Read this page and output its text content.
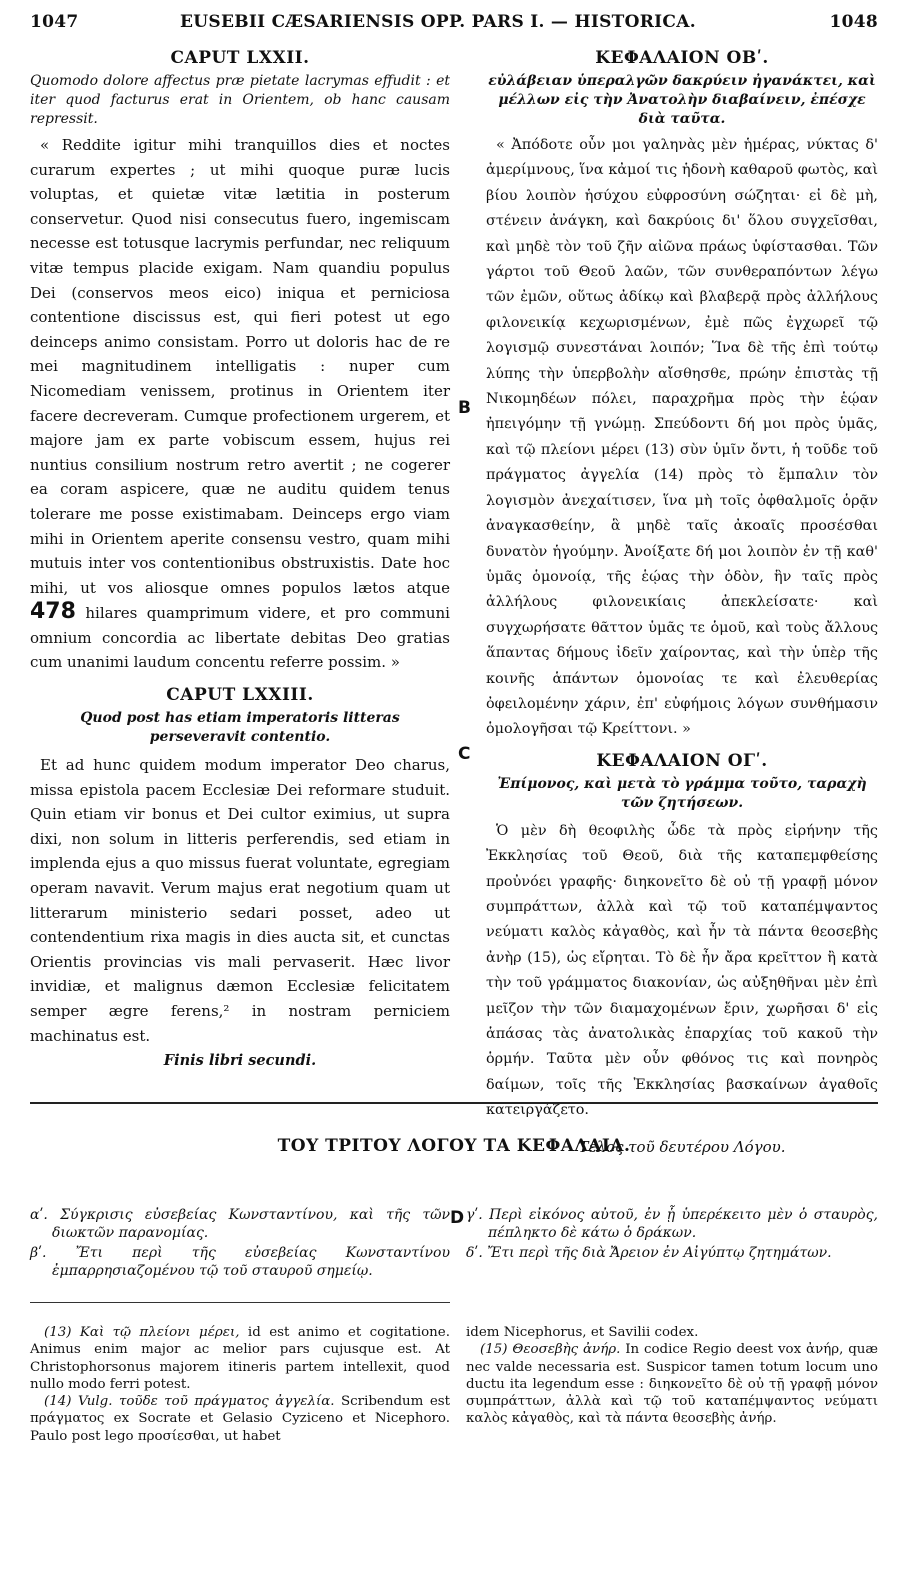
1047	EUSEBII CÆSARIENSIS OPP. PARS I. — HISTORICA.	1048
CAPUT LXXII.
Quomodo dolore affectus præ pietate lacrymas effudit : et iter quod facturus erat in Orientem, ob hanc causam repressit.

« Reddite igitur mihi tranquillos dies et noctes curarum expertes ; ut mihi quoque puræ lucis voluptas, et quietæ vitæ lætitia in posterum conservetur. Quod nisi consecutus fuero, ingemiscam necesse est totusque lacrymis perfundar, nec reliquum vitæ tempus placide exigam. Nam quandiu populus Dei (conservos meos eico) iniqua et perniciosa contentione discissus est, qui fieri potest ut ego deinceps animo consistam. Porro ut doloris hac de re mei magnitudinem intelligatis : nuper cum Nicomediam venissem, protinus in Orientem iter facere decreveram. Cumque profectionem urgerem, et majore jam ex parte vobiscum essem, hujus rei nuntius consilium nostrum retro avertit ; ne cogerer ea coram aspicere, quæ ne auditu quidem tenus tolerare me posse existimabam. Deinceps ergo viam mihi in Orientem aperite consensu vestro, quam mihi mutuis inter vos contentionibus obstruxistis. Date hoc mihi, ut vos aliosque omnes populos lætos atque 478 hilares quamprimum videre, et pro communi omnium concordia ac libertate debitas Deo gratias cum unanimi laudum concentu referre possim. »

CAPUT LXXIII.
Quod post has etiam imperatoris litteras perseveravit contentio.

Et ad hunc quidem modum imperator Deo charus, missa epistola pacem Ecclesiæ Dei reformare studuit. Quin etiam vir bonus et Dei cultor eximius, ut supra dixi, non solum in litteris perferendis, sed etiam in implenda ejus a quo missus fuerat voluntate, egregiam operam navavit. Verum majus erat negotium quam ut litterarum ministerio sedari posset, adeo ut contendentium rixa magis in dies aucta sit, et cunctas Orientis provincias vis mali pervaserit. Hæc livor invidiæ, et malignus dæmon Ecclesiæ felicitatem semper ægre ferens,² in nostram perniciem machinatus est.

Finis libri secundi.
B
C
D
ΚΕΦΑΛΑΙΟΝ ΟΒʹ.
εὐλάβειαν ὑπεραλγῶν δακρύειν ἠγανάκτει, καὶ μέλλων εἰς τὴν Ἀνατολὴν διαβαίνειν, ἐπέσχε διὰ ταῦτα.

« Ἀπόδοτε οὖν μοι γαληνὰς μὲν ἡμέρας, νύκτας δ' ἀμερίμνους, ἵνα κἀμοί τις ἡδονὴ καθαροῦ φωτὸς, καὶ βίου λοιπὸν ἡσύχου εὐφροσύνη σώζηται· εἰ δὲ μὴ, στένειν ἀνάγκη, καὶ δακρύοις δι' ὅλου συγχεῖσθαι, καὶ μηδὲ τὸν τοῦ ζῆν αἰῶνα πράως ὑφίστασθαι. Τῶν γάρτοι τοῦ Θεοῦ λαῶν, τῶν συνθεραπόντων λέγω τῶν ἐμῶν, οὕτως ἀδίκῳ καὶ βλαβερᾷ πρὸς ἀλλήλους φιλονεικίᾳ κεχωρισμένων, ἐμὲ πῶς ἐγχωρεῖ τῷ λογισμῷ συνεστάναι λοιπόν; Ἵνα δὲ τῆς ἐπὶ τούτῳ λύπης τὴν ὑπερβολὴν αἴσθησθε, πρώην ἐπιστὰς τῇ Νικομηδέων πόλει, παραχρῆμα πρὸς τὴν ἑῴαν ἠπειγόμην τῇ γνώμῃ. Σπεύδοντι δή μοι πρὸς ὑμᾶς, καὶ τῷ πλείονι μέρει (13) σὺν ὑμῖν ὄντι, ἡ τοῦδε τοῦ πράγματος ἀγγελία (14) πρὸς τὸ ἔμπαλιν τὸν λογισμὸν ἀνεχαίτισεν, ἵνα μὴ τοῖς ὀφθαλμοῖς ὁρᾷν ἀναγκασθείην, ἃ μηδὲ ταῖς ἀκοαῖς προσέσθαι δυνατὸν ἡγούμην. Ἀνοίξατε δή μοι λοιπὸν ἐν τῇ καθ' ὑμᾶς ὁμονοίᾳ, τῆς ἑῴας τὴν ὁδὸν, ἣν ταῖς πρὸς ἀλλήλους φιλονεικίαις ἀπεκλείσατε· καὶ συγχωρήσατε θᾶττον ὑμᾶς τε ὁμοῦ, καὶ τοὺς ἄλλους ἅπαντας δήμους ἰδεῖν χαίροντας, καὶ τὴν ὑπὲρ τῆς κοινῆς ἁπάντων ὁμονοίας τε καὶ ἐλευθερίας ὀφειλομένην χάριν, ἐπ' εὐφήμοις λόγων συνθήμασιν ὁμολογῆσαι τῷ Κρείττονι. »

ΚΕΦΑΛΑΙΟΝ ΟΓʹ.
Ἐπίμονος, καὶ μετὰ τὸ γράμμα τοῦτο, ταραχὴ τῶν ζητήσεων.

Ὁ μὲν δὴ θεοφιλὴς ὧδε τὰ πρὸς εἰρήνην τῆς Ἐκκλησίας τοῦ Θεοῦ, διὰ τῆς καταπεμφθείσης προὐνόει γραφῆς· διηκονεῖτο δὲ οὐ τῇ γραφῇ μόνον συμπράττων, ἀλλὰ καὶ τῷ τοῦ καταπέμψαντος νεύματι καλὸς κἀγαθὸς, καὶ ἦν τὰ πάντα θεοσεβὴς ἀνὴρ (15), ὡς εἴρηται. Τὸ δὲ ἦν ἄρα κρεῖττον ἢ κατὰ τὴν τοῦ γράμματος διακονίαν, ὡς αὐξηθῆναι μὲν ἐπὶ μεῖζον τὴν τῶν διαμαχομένων ἔριν, χωρῆσαι δ' εἰς ἁπάσας τὰς ἀνατολικὰς ἐπαρχίας τοῦ κακοῦ τὴν ὁρμήν. Ταῦτα μὲν οὖν φθόνος τις καὶ πονηρὸς δαίμων, τοῖς τῆς Ἐκκλησίας βασκαίνων ἀγαθοῖς κατειργάζετο.

Τέλος τοῦ δευτέρου Λόγου.
ΤΟΥ ΤΡΙΤΟΥ ΛΟΓΟΥ ΤΑ ΚΕΦΑΛΑΙΑ.
αʹ. Σύγκρισις εὐσεβείας Κωνσταντίνου, καὶ τῆς τῶν διωκτῶν παρανομίας.
βʹ. Ἔτι περὶ τῆς εὐσεβείας Κωνσταντίνου ἐμπαρρησιαζομένου τῷ τοῦ σταυροῦ σημείῳ.
γʹ. Περὶ εἰκόνος αὐτοῦ, ἐν ᾗ ὑπερέκειτο μὲν ὁ σταυρὸς, πέπληκτο δὲ κάτω ὁ δράκων.
δʹ. Ἔτι περὶ τῆς διὰ Ἄρειον ἐν Αἰγύπτῳ ζητημάτων.

(13) Καὶ τῷ πλείονι μέρει, id est animo et cogitatione. Animus enim major ac melior pars cujusque est. At Christophorsonus majorem itineris partem intellexit, quod nullo modo ferri potest.

(14) Vulg. τοῦδε τοῦ πράγματος ἀγγελία. Scribendum est πράγματος ex Socrate et Gelasio Cyziceno et Nicephoro. Paulo post lego προσίεσθαι, ut habet

idem Nicephorus, et Savilii codex.

(15) Θεοσεβὴς ἀνήρ. In codice Regio deest vox ἀνήρ, quæ nec valde necessaria est. Suspicor tamen totum locum uno ductu ita legendum esse : διηκονεῖτο δὲ οὐ τῇ γραφῇ μόνον συμπράττων, ἀλλὰ καὶ τῷ τοῦ καταπέμψαντος νεύματι καλὸς κἀγαθὸς, καὶ τὰ πάντα θεοσεβὴς ἀνήρ.
